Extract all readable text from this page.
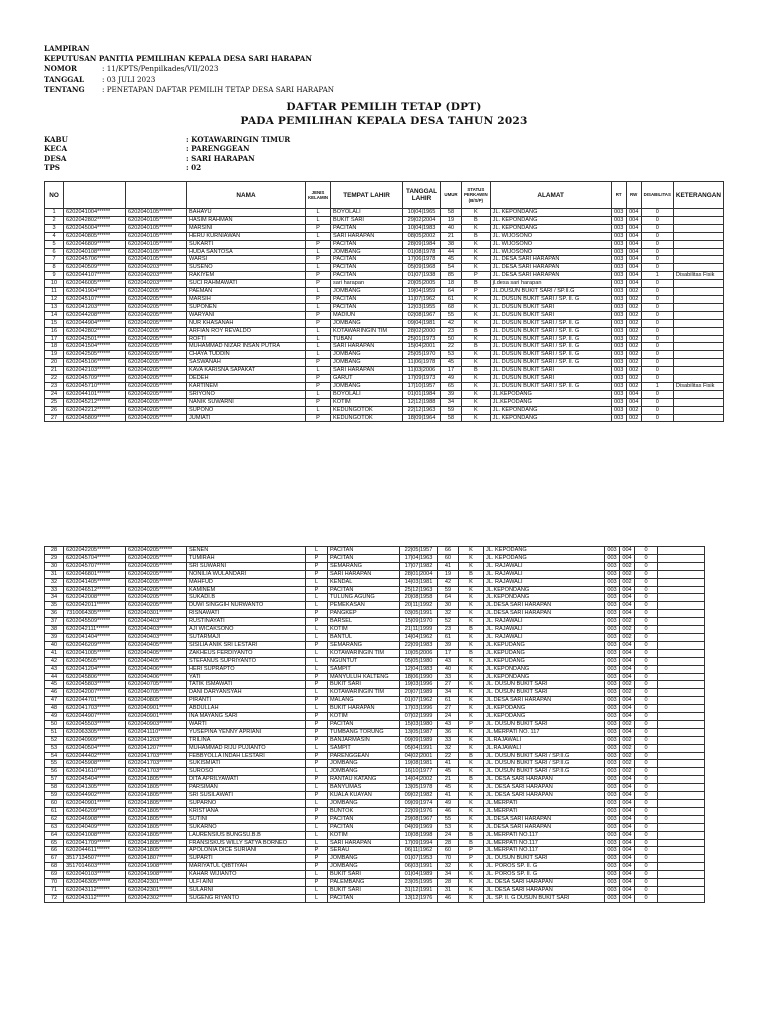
LAMPIRAN
KEPUTUSAN PANITIA PEMILIHAN KEPALA DESA SARI HARAPAN
NOMOR	: 11/KPTS/Penpilkades/VII/2023
TANGGAL : 03 JULI 2023
TENTANG : PENETAPAN DAFTAR PEMILIH TETAP DESA SARI HARAPAN
DAFTAR PEMILIH TETAP (DPT)
PADA PEMILIHAN KEPALA DESA TAHUN 2023
KABU	: KOTAWARINGIN TIMUR
KECA	: PARENGGEAN
DESA	: SARI HARAPAN
TPS	: 02
NO			NAMA	JENIS KELAMIN	TEMPAT LAHIR	TANGGAL LAHIR	UMUR	STATUS PERKAWIN (B/S/P)	ALAMAT	RT	RW	DISABILITAS	KETERANGAN
1	6202041004******	6202040105******	BAHAYU	L	BOYOLALI	10|04|1965	58	K	JL. KEPONDANG	003	004	0	
2	6202042802******	6202040105******	HASIM RAHMAN	L	BUKIT SARI	29|02|2004	19	B	JL. KEPONDANG	003	004	0	
3	6202045004******	6202040105******	MARSINI	P	PACITAN	10|04|1983	40	K	JL. KEPONDANG	003	004	0	
4	6202040805******	6202040105******	HERU KURNIAWAN	L	SARI HARAPAN	08|05|2002	21	B	JL. WIJOSONO	003	004	0	
5	6202046809******	6202040105******	SUKARTI	P	PACITAN	28|09|1984	38	K	JL. WIJOSONO	003	004	0	
6	6202040108******	6202040105******	HUDA SANTOSA	L	JOMBANG	01|08|1978	44	K	JL. WIJOSONO	003	004	0	
7	6202045706******	6202040105******	WARSI	P	PACITAN	17|06|1978	45	K	JL. DESA SARI HARAPAN	003	004	0	
8	6202040509******	6202040203******	SUSENO	L	PACITAN	05|09|1968	54	K	JL. DESA SARI HARAPAN	003	004	0	
9	6202044107******	6202040203******	RAKIYEM	P	PACITAN	01|07|1938	85	P	JL. DESA SARI HARAPAN	003	004	1	Disabilitas Fisik
10	6202046005******	6202040203******	SUCI RAHMAWATI	P	sari harapan	20|05|2005	18	B	jl.desa sari harapan	003	004	0	
11	6202041904******	6202040205******	PAEMAN	L	JOMBANG	19|04|1959	64	P	JL.DUSUN BUKIT SARI / SP.II.G	003	002	0	
12	6202045107******	6202040205******	MARSIH	P	PACITAN	11|07|1962	61	K	JL. DUSUN BUKIT SARI / SP. II. G	003	002	0	
13	6202041203******	6202040205******	SUPONEN	L	PACITAN	12|03|1955	68	K	JL. DUSUN BUKIT SARI	003	002	0	
14	6202044208******	6202040205******	WARYANI	P	MADIUN	02|08|1967	55	K	JL. DUSUN BUKIT SARI	003	002	0	
15	6202044904******	6202040205******	NUR KHASANAH	P	JOMBANG	09|04|1981	42	K	JL. DUSUN BUKIT SARI / SP. II. G	003	002	0	
16	6202042802******	6202040205******	ARFIAN ROY REVALDO	L	KOTAWARINGIN TIM	28|02|2000	23	B	JL. DUSUN BUKIT SARI / SP. II. G	003	002	0	
17	6202042501******	6202040205******	ROFTI	L	TUBAN	25|01|1973	50	K	JL. DUSUN BUKIT SARI / SP. II. G	003	002	0	
18	6202041504******	6202040205******	MUHAMMAD NIZAR INSAN PUTRA	L	SARI HARAPAN	15|04|2001	22	B	JL. DUSUN BUKIT SARI / SP. II. G	003	002	0	
19	6202042505******	6202040205******	CHAYA TUDDIN	L	JOMBANG	25|05|1970	53	K	JL. DUSUN BUKIT SARI / SP. II. G	003	002	0	
20	6202045106******	6202040205******	SASWANAH	P	JOMBANG	11|06|1978	45	K	JL. DUSUN BUKIT SARI / SP. II. G	003	002	0	
21	6202042103******	6202040205******	KAVA KARISNA SAPAKAT	L	SARI HARAPAN	11|03|2006	17	B	JL. DUSUN BUKIT SARI	003	002	0	
22	6202045709******	6202040205******	DEDEH	P	GARUT	17|09|1973	49	K	JL. DUSUN BUKIT SARI	003	002	0	
23	6202045710******	6202040205******	KARTINEM	P	JOMBANG	17|10|1957	65	K	JL. DUSUN BUKIT SARI / SP. II. G	003	002	1	Disabilitas Fisik
24	6202044101******	6202040205******	SRIYONO	L	BOYOLALI	01|01|1984	39	K	JL.KEPODANG	003	004	0	
25	6202045212******	6202040205******	NANIK SUWARNI	P	KOTIM	12|12|1988	34	K	JL.KEPODANG	003	004	0	
26	6202042212******	6202040205******	SUPONO	L	KEDUNGOTOK	22|12|1963	59	K	JL. KEPONDANG	003	002	0	
27	6202045809******	6202040205******	JUMIATI	P	KEDUNGOTOK	18|09|1964	58	K	JL. KEPONDANG	003	002	0	
28	6202042205******	6202040205******	SENEN	L	PACITAN	22|05|1957	66	K	JL. KEPODANG	003	004	0	
29	6202045704******	6202040205******	TUMIRAH	P	PACITAN	17|04|1963	60	K	JL. KEPODANG	003	004	0	
30	6202045707******	6202040205******	SRI SUWARNI	P	SEMARANG	17|07|1982	41	K	JL. RAJAWALI	003	002	0	
31	6202046801******	6202040205******	NONILIA WULANDARI	P	SARI HARAPAN	28|01|2004	19	B	JL. RAJAWALI	003	002	0	
32	6202041405******	6202040205******	MAHFUD	L	KENDAL	14|03|1981	42	K	JL. RAJAWALI	003	002	0	
33	6202046512******	6202040205******	KAMINEM	P	PACITAN	25|12|1963	59	K	JL.KEPONDANG	003	004	0	
34	6202042008******	6202040205******	SUKADI.B	L	TULUNG AGUNG	20|08|1958	64	K	JL.KEPONDANG	003	004	0	
35	6202042011******	6202040205******	DUWI SINGGIH NURWANTO	L	PEMEKASAN	20|11|1992	30	K	JL.DESA SARI HARAPAN	003	004	0	
36	7310064305******	6202040301******	RISNAWATI	P	PANGKEP	03|05|1991	32	K	JL.DESA SARI HARAPAN	003	004	0	
37	6202045509******	6202040403******	RUSTINAYATI	P	BARSEL	15|09|1970	52	K	JL. RAJAWALI	003	002	0	
38	6202042111******	6202040403******	AJI WICAKSONO	L	KOTIM	21|11|1999	23	B	JL. RAJAWALI	003	002	0	
39	6202041404******	6202040403******	SUTARMAJI	L	BANTUL	14|04|1962	61	K	JL. RAJAWALI	003	002	0	
40	6202046209******	6202040405******	SISILIA ANIK SRI LESTARI	P	SEMARANG	22|09|1983	39	K	JL.KEPUDANG	003	004	0	
41	6202041005******	6202040405******	ZAKHEUS FERDIYANTO	L	KOTAWARINGIN TIM	10|05|2006	17	B	JL.KEPUDANG	003	004	0	
42	6202040505******	6202040405******	STEFANUS SUPRIYANTO	L	NGUNTUT	05|05|1980	43	K	JL.KEPUDANG	003	004	0	
43	6202041204******	6202040406******	HERI SUPRAPTO	L	SAMPIT	12|04|1983	40	K	JL.KEPONDANG	003	004	0	
44	6202045806******	6202040406******	YATI	P	MANYULUH KALTENG	18|06|1990	33	K	JL.KEPONDANG	003	004	0	
45	6202045803******	6202040705******	TATIK ISMAWATI	P	BUKIT SARI	19|03|1996	27	K	JL. DUSUN BUKIT SARI	003	002	0	
46	6202042007******	6202040705******	DANI DARYANSYAH	L	KOTAWARINGIN TIM	20|07|1989	34	K	JL. DUSUN BUKIT SARI	003	002	0	
47	6202044701******	6202040805******	PIRANTI	P	MALANG	01|07|1962	61	K	JL.DESA SARI HARAPAN	003	004	0	
48	6202041703******	6202040901******	ABDULLAH	L	BUKIT HARAPAN	17|03|1996	27	K	JL.KEPODANG	003	004	0	
49	6202044907******	6202040901******	INA MAYANG SARI	P	KOTIM	07|02|1999	24	K	JL.KEPODANG	003	004	0	
50	6202045503******	6202040903******	WARTI	P	PACITAN	15|03|1980	43	P	JL. DUSUN BUKIT SARI	003	002	0	
51	6202063305******	6202041110******	YUSEPINA YENNY APRIANI	P	TUMBANG TORUNG	13|05|1987	36	K	JL.MERPATI NO. 117	003	004	0	
52	6202040909******	6202041203******	TRILINA	P	BANJARMASIN	09|09|1989	33	K	JL.RAJAWALI	003	002	0	
53	6202040504******	6202041207******	MUHAMMAD RIJU PUJIANTO	L	SAMPIT	05|04|1991	32	K	JL.RAJAWALI	003	002	0	
54	6202044402******	6202041703******	FEBBYOLLA INDAH LESTARI	P	PARENGGEAN	04|02|2001	22	B	JL. DUSUN BUKIT SARI / SP.II.G	003	002	0	
55	6202045908******	6202041703******	SUKISMIATI	P	JOMBANG	19|08|1981	41	K	JL. DUSUN BUKIT SARI / SP.II.G	003	002	0	
56	6202041610******	6202041703******	SUROSO	L	JOMBANG	16|10|1977	45	K	JL. DUSUN BUKIT SARI / SP.II.G	003	002	0	
57	6202045404******	6202041805******	DITA APRILYAWATI	P	RANTAU KATANG	14|04|2002	21	B	JL. DESA SARI HARAPAN	003	004	0	
58	6202041305******	6202041805******	PARSIMAN	L	BANYUMAS	13|05|1978	45	K	JL. DESA SARI HARAPAN	003	004	0	
59	6202044902******	6202041805******	SRI SUSILAWATI	P	KUALA KUAYAN	09|02|1982	41	K	JL. DESA SARI HARAPAN	003	004	0	
60	6202040901******	6202041805******	SUPARNO	L	JOMBANG	09|09|1974	49	K	JL.MERPATI	003	004	0	
61	6202046209******	6202041805******	KRISTIANA	P	BUNTOK	22|09|1976	46	K	JL.MERPATI	003	004	0	
62	6202046908******	6202041805******	SUTINI	P	PACITAN	29|08|1967	55	K	JL.DESA SARI HARAPAN	003	004	0	
63	6202040409******	6202041805******	SUKARNO	L	PACITAN	04|09|1969	53	K	JL.DESA SARI HARAPAN	003	004	0	
64	6202041008******	6202041805******	LAURENSIUS BUNGSU.B.B	L	KOTIM	10|08|1998	24	B	JL.MERPATI NO.117	003	004	0	
65	6202041709******	6202041805******	FRANSISKUS WILLY SATYA BORNEO	L	SARI HARAPAN	17|09|1994	28	B	JL.MERPATI NO.117	003	004	0	
66	6202044611******	6202041805******	APOLONIA DICE SURIANI	P	SERAU	06|11|1962	60	P	JL.MERPATI NO.117	003	004	0	
67	3517134507******	6202041807******	SUPARTI	P	JOMBANG	01|07|1953	70	P	JL. DUSUN BUKIT SARI	003	004	0	
68	3517014603******	6202041908******	MARIYATUL QIBTIYAH	P	JOMBANG	06|03|1991	32	K	JL. POROS SP. II. G	003	004	0	
69	6202040103******	6202041908******	KAHAR WIJIANTO	L	BUKIT SARI	01|04|1989	34	K	JL. POROS SP. II. G	003	004	0	
70	6202046305******	6202042301******	ULFI AINI	P	PALEMBANG	23|05|1995	28	K	JL. DESA SARI HARAPAN	003	004	0	
71	6202043112******	6202042301******	SULARNI	L	BUKIT SARI	31|12|1991	31	K	JL. DESA SARI HARAPAN	003	004	0	
72	6202043112******	6202042302******	SUGENG RIYANTO	L	PACITAN	13|12|1976	46	K	JL. SP. II. G DUSUN BUKIT SARI	003	004	0	
